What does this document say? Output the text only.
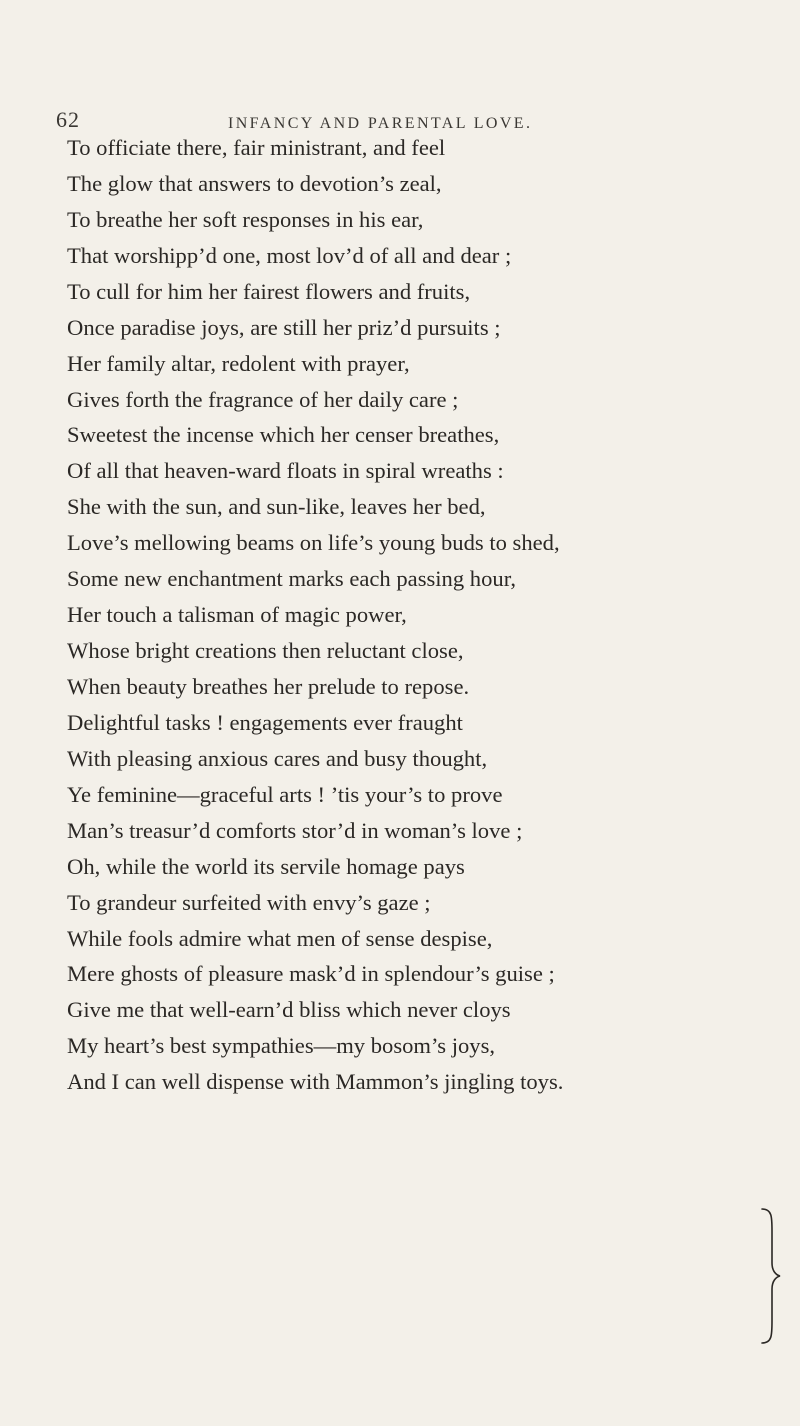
62	INFANCY AND PARENTAL LOVE.
To officiate there, fair ministrant, and feel
The glow that answers to devotion’s zeal,
To breathe her soft responses in his ear,
That worshipp’d one, most lov’d of all and dear ;
To cull for him her fairest flowers and fruits,
Once paradise joys, are still her priz’d pursuits ;
Her family altar, redolent with prayer,
Gives forth the fragrance of her daily care ;
Sweetest the incense which her censer breathes,
Of all that heaven-ward floats in spiral wreaths :
She with the sun, and sun-like, leaves her bed,
Love’s mellowing beams on life’s young buds to shed,
Some new enchantment marks each passing hour,
Her touch a talisman of magic power,
Whose bright creations then reluctant close,
When beauty breathes her prelude to repose.
Delightful tasks ! engagements ever fraught
With pleasing anxious cares and busy thought,
Ye feminine—graceful arts ! ’tis your’s to prove
Man’s treasur’d comforts stor’d in woman’s love ;
Oh, while the world its servile homage pays
To grandeur surfeited with envy’s gaze ;
While fools admire what men of sense despise,
Mere ghosts of pleasure mask’d in splendour’s guise ;
Give me that well-earn’d bliss which never cloys
My heart’s best sympathies—my bosom’s joys,
And I can well dispense with Mammon’s jingling toys.
